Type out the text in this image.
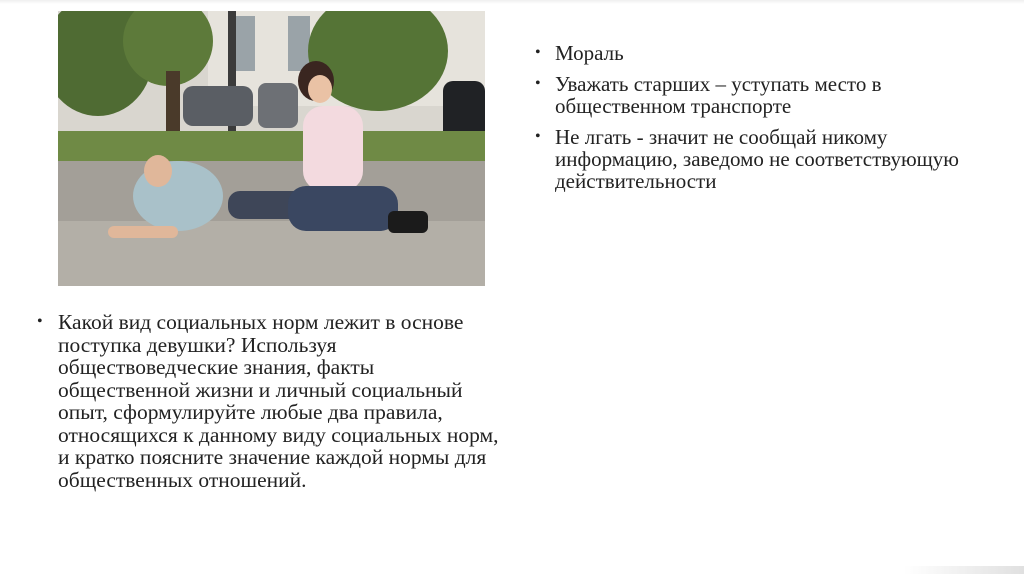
• Мораль
• Уважать старших – уступать место в общественном транспорте
• Не лгать - значит не сообщай никому информацию, заведомо не соответствующую действительности
• Какой вид социальных норм лежит в основе поступка девушки? Используя обществоведческие знания, факты общественной жизни и личный социальный опыт, сформулируйте любые два правила, относящихся к данному виду социальных норм, и кратко поясните значение каждой нормы для общественных отношений.
